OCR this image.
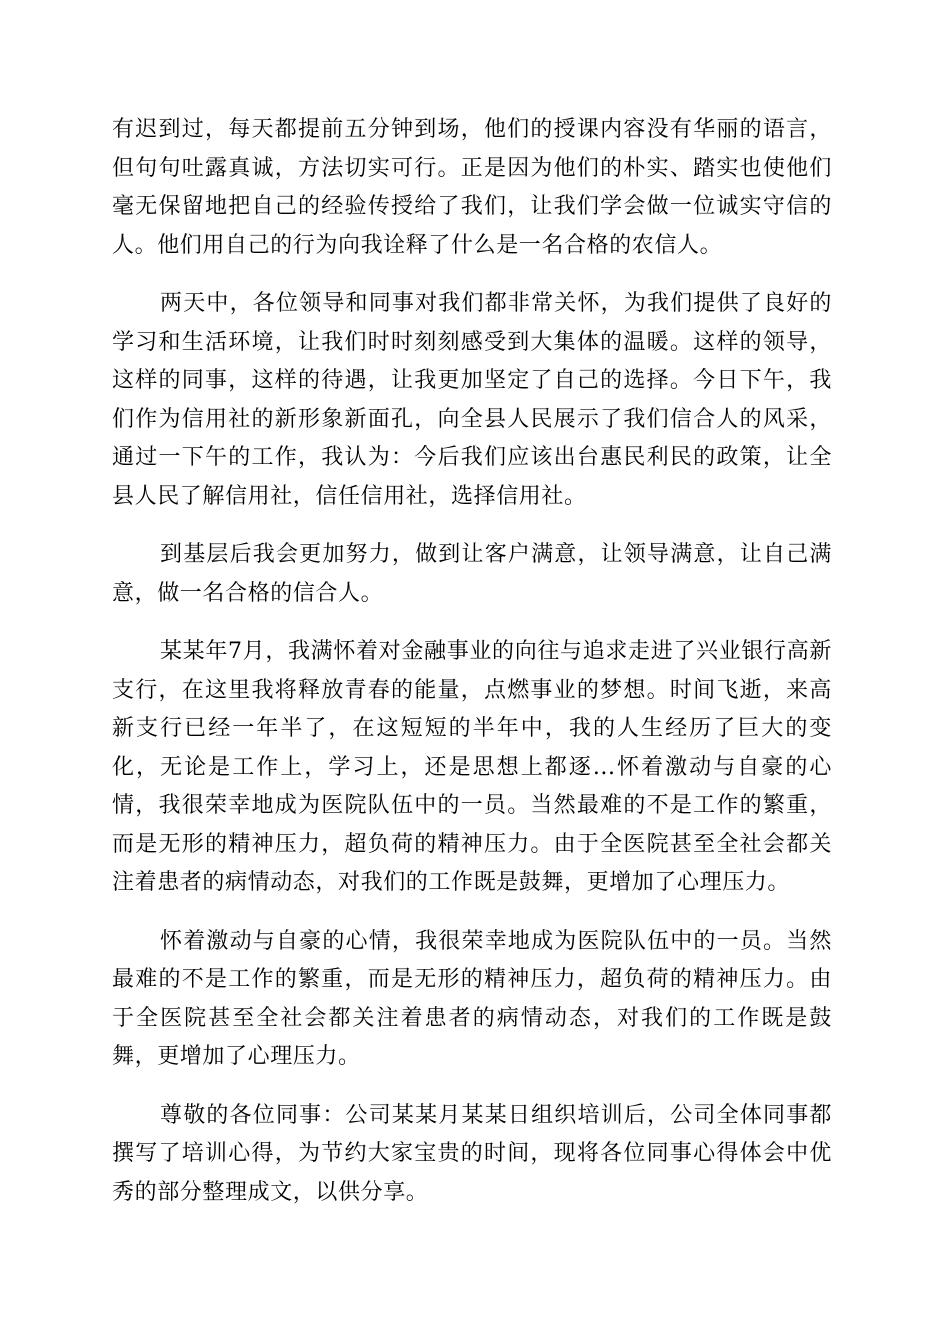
有迟到过，每天都提前五分钟到场，他们的授课内容没有华丽的语言，但句句吐露真诚，方法切实可行。正是因为他们的朴实、踏实也使他们毫无保留地把自己的经验传授给了我们，让我们学会做一位诚实守信的人。他们用自己的行为向我诠释了什么是一名合格的农信人。

两天中，各位领导和同事对我们都非常关怀，为我们提供了良好的学习和生活环境，让我们时时刻刻感受到大集体的温暖。这样的领导，这样的同事，这样的待遇，让我更加坚定了自己的选择。今日下午，我们作为信用社的新形象新面孔，向全县人民展示了我们信合人的风采，通过一下午的工作，我认为：今后我们应该出台惠民利民的政策，让全县人民了解信用社，信任信用社，选择信用社。

到基层后我会更加努力，做到让客户满意，让领导满意，让自己满意，做一名合格的信合人。

某某年7月，我满怀着对金融事业的向往与追求走进了兴业银行高新支行，在这里我将释放青春的能量，点燃事业的梦想。时间飞逝，来高新支行已经一年半了，在这短短的半年中，我的人生经历了巨大的变化，无论是工作上，学习上，还是思想上都逐...怀着激动与自豪的心情，我很荣幸地成为医院队伍中的一员。当然最难的不是工作的繁重，而是无形的精神压力，超负荷的精神压力。由于全医院甚至全社会都关注着患者的病情动态，对我们的工作既是鼓舞，更增加了心理压力。

怀着激动与自豪的心情，我很荣幸地成为医院队伍中的一员。当然最难的不是工作的繁重，而是无形的精神压力，超负荷的精神压力。由于全医院甚至全社会都关注着患者的病情动态，对我们的工作既是鼓舞，更增加了心理压力。

尊敬的各位同事：公司某某月某某日组织培训后，公司全体同事都撰写了培训心得，为节约大家宝贵的时间，现将各位同事心得体会中优秀的部分整理成文，以供分享。
